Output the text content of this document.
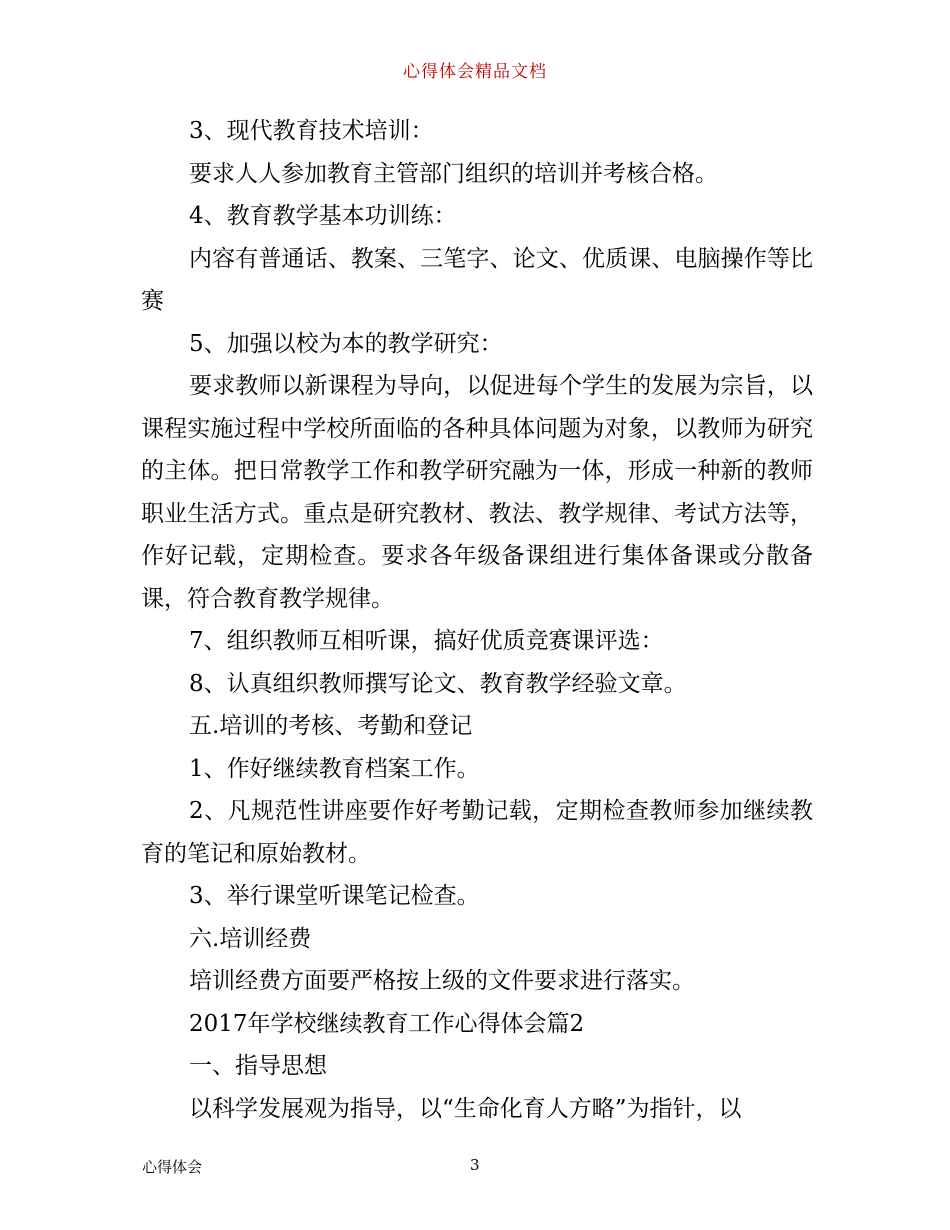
心得体会精品文档

3、现代教育技术培训：

要求人人参加教育主管部门组织的培训并考核合格。

4、教育教学基本功训练：

内容有普通话、教案、三笔字、论文、优质课、电脑操作等比赛

5、加强以校为本的教学研究：

要求教师以新课程为导向，以促进每个学生的发展为宗旨，以课程实施过程中学校所面临的各种具体问题为对象，以教师为研究的主体。把日常教学工作和教学研究融为一体，形成一种新的教师职业生活方式。重点是研究教材、教法、教学规律、考试方法等，作好记载，定期检查。要求各年级备课组进行集体备课或分散备课，符合教育教学规律。

7、组织教师互相听课，搞好优质竞赛课评选：

8、认真组织教师撰写论文、教育教学经验文章。

五.培训的考核、考勤和登记

1、作好继续教育档案工作。

2、凡规范性讲座要作好考勤记载，定期检查教师参加继续教育的笔记和原始教材。

3、举行课堂听课笔记检查。

六.培训经费

培训经费方面要严格按上级的文件要求进行落实。

2017年学校继续教育工作心得体会篇2

一、指导思想

以科学发展观为指导，以“生命化育人方略”为指针，以

心得体会	3
